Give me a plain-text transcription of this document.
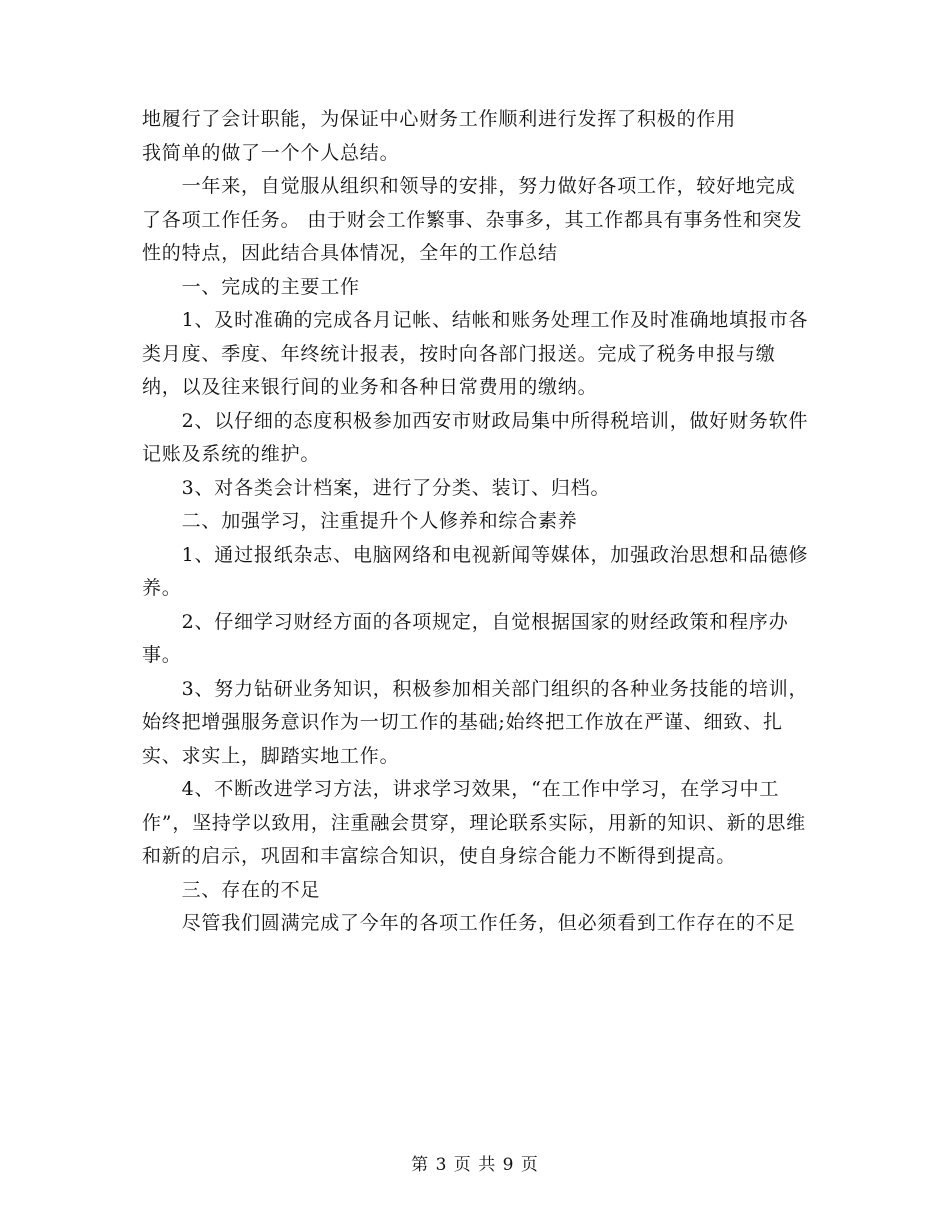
地履行了会计职能，为保证中心财务工作顺利进行发挥了积极的作用

我简单的做了一个个人总结。

　　一年来，自觉服从组织和领导的安排，努力做好各项工作，较好地完成了各项工作任务。 由于财会工作繁事、杂事多，其工作都具有事务性和突发性的特点，因此结合具体情况，全年的工作总结

　　一、完成的主要工作

　　1、及时准确的完成各月记帐、结帐和账务处理工作及时准确地填报市各类月度、季度、年终统计报表，按时向各部门报送。完成了税务申报与缴纳，以及往来银行间的业务和各种日常费用的缴纳。

　　2、以仔细的态度积极参加西安市财政局集中所得税培训，做好财务软件记账及系统的维护。

　　3、对各类会计档案，进行了分类、装订、归档。

　　二、加强学习，注重提升个人修养和综合素养

　　1、通过报纸杂志、电脑网络和电视新闻等媒体，加强政治思想和品德修养。

　　2、仔细学习财经方面的各项规定，自觉根据国家的财经政策和程序办事。

　　3、努力钻研业务知识，积极参加相关部门组织的各种业务技能的培训，始终把增强服务意识作为一切工作的基础;始终把工作放在严谨、细致、扎实、求实上，脚踏实地工作。

　　4、不断改进学习方法，讲求学习效果，“在工作中学习，在学习中工作”，坚持学以致用，注重融会贯穿，理论联系实际，用新的知识、新的思维和新的启示，巩固和丰富综合知识，使自身综合能力不断得到提高。

　　三、存在的不足

　　尽管我们圆满完成了今年的各项工作任务，但必须看到工作存在的不足

第 3 页 共 9 页
